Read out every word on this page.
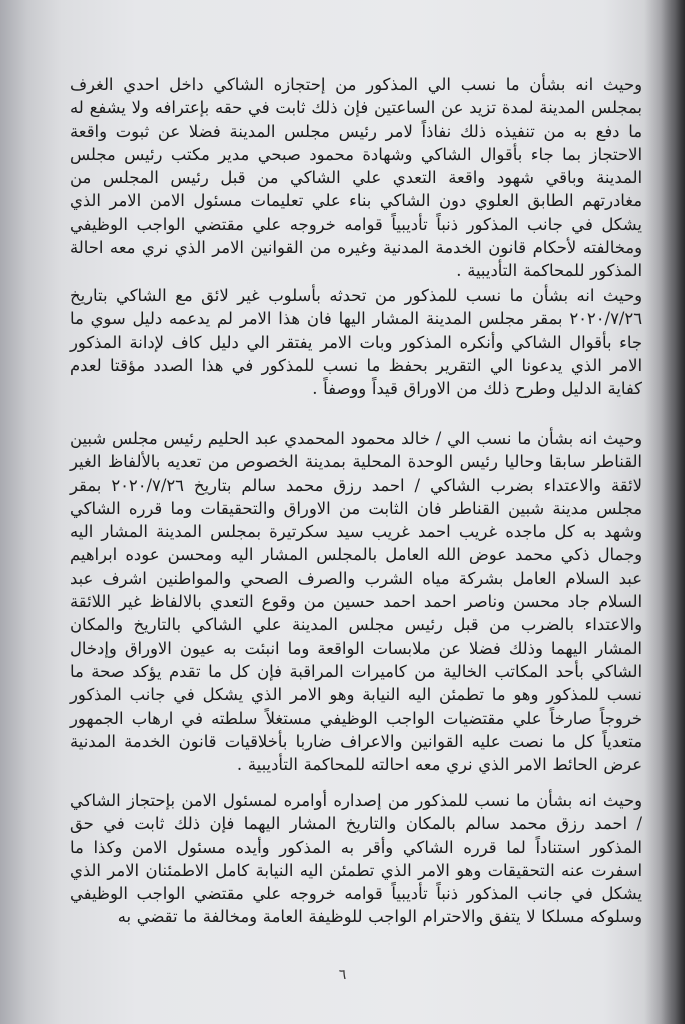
وحيث انه بشأن ما نسب الي المذكور من إحتجازه الشاكي داخل احدي الغرف بمجلس المدينة لمدة تزيد عن الساعتين فإن ذلك ثابت في حقه بإعترافه ولا يشفع له ما دفع به من تنفيذه ذلك نفاذاً لامر رئيس مجلس المدينة فضلا عن ثبوت واقعة الاحتجاز بما جاء بأقوال الشاكي وشهادة محمود صبحي مدير مكتب رئيس مجلس المدينة وباقي شهود واقعة التعدي علي الشاكي من قبل رئيس المجلس من مغادرتهم الطابق العلوي دون الشاكي بناء علي تعليمات مسئول الامن الامر الذي يشكل في جانب المذكور ذنباً تأديبياً قوامه خروجه علي مقتضي الواجب الوظيفي ومخالفته لأحكام قانون الخدمة المدنية وغيره من القوانين الامر الذي نري معه احالة المذكور للمحاكمة التأديبية .

وحيث انه بشأن ما نسب للمذكور من تحدثه بأسلوب غير لائق مع الشاكي بتاريخ ٢٠٢٠/٧/٢٦ بمقر مجلس المدينة المشار اليها فان هذا الامر لم يدعمه دليل سوي ما جاء بأقوال الشاكي وأنكره المذكور وبات الامر يفتقر الي دليل كاف لإدانة المذكور الامر الذي يدعونا الي التقرير بحفظ ما نسب للمذكور في هذا الصدد مؤقتا لعدم كفاية الدليل وطرح ذلك من الاوراق قيداً ووصفاً .

وحيث انه بشأن ما نسب الي / خالد محمود المحمدي عبد الحليم رئيس مجلس شبين القناطر سابقا وحاليا رئيس الوحدة المحلية بمدينة الخصوص من تعديه بالألفاظ الغير لائقة والاعتداء بضرب الشاكي / احمد رزق محمد سالم بتاريخ ٢٠٢٠/٧/٢٦ بمقر مجلس مدينة شبين القناطر فان الثابت من الاوراق والتحقيقات وما قرره الشاكي وشهد به كل ماجده غريب احمد غريب سيد سكرتيرة بمجلس المدينة المشار اليه وجمال ذكي محمد عوض الله العامل بالمجلس المشار اليه ومحسن عوده ابراهيم عبد السلام العامل بشركة مياه الشرب والصرف الصحي والمواطنين اشرف عبد السلام جاد محسن وناصر احمد احمد حسين من وقوع التعدي بالالفاظ غير اللائقة والاعتداء بالضرب من قبل رئيس مجلس المدينة علي الشاكي بالتاريخ والمكان المشار اليهما وذلك فضلا عن ملابسات الواقعة وما انبئت به عيون الاوراق وإدخال الشاكي بأحد المكاتب الخالية من كاميرات المراقبة فإن كل ما تقدم يؤكد صحة ما نسب للمذكور وهو ما تطمئن اليه النيابة وهو الامر الذي يشكل في جانب المذكور خروجاً صارخاً علي مقتضيات الواجب الوظيفي مستغلاً سلطته في ارهاب الجمهور متعدياً كل ما نصت عليه القوانين والاعراف ضاربا بأخلاقيات قانون الخدمة المدنية عرض الحائط الامر الذي نري معه احالته للمحاكمة التأديبية .

وحيث انه بشأن ما نسب للمذكور من إصداره أوامره لمسئول الامن بإحتجاز الشاكي / احمد رزق محمد سالم بالمكان والتاريخ المشار اليهما فإن ذلك ثابت في حق المذكور استناداً لما قرره الشاكي وأقر به المذكور وأيده مسئول الامن وكذا ما اسفرت عنه التحقيقات وهو الامر الذي تطمئن اليه النيابة كامل الاطمئنان الامر الذي يشكل في جانب المذكور ذنباً تأديبياً قوامه خروجه علي مقتضي الواجب الوظيفي وسلوكه مسلكا لا يتفق والاحترام الواجب للوظيفة العامة ومخالفة ما تقضي به

٦
